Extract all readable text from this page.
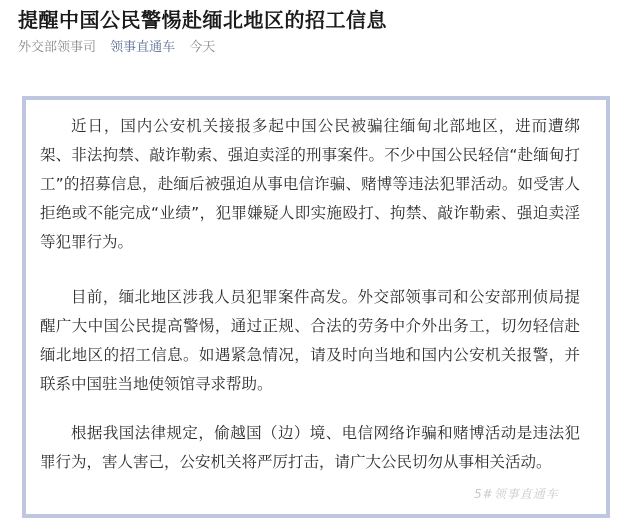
提醒中国公民警惕赴缅北地区的招工信息
外交部领事司 领事直通车 今天

近日，国内公安机关接报多起中国公民被骗往缅甸北部地区，进而遭绑架、非法拘禁、敲诈勒索、强迫卖淫的刑事案件。不少中国公民轻信“赴缅甸打工”的招募信息，赴缅后被强迫从事电信诈骗、赌博等违法犯罪活动。如受害人拒绝或不能完成“业绩”，犯罪嫌疑人即实施殴打、拘禁、敲诈勒索、强迫卖淫等犯罪行为。

目前，缅北地区涉我人员犯罪案件高发。外交部领事司和公安部刑侦局提醒广大中国公民提高警惕，通过正规、合法的劳务中介外出务工，切勿轻信赴缅北地区的招工信息。如遇紧急情况，请及时向当地和国内公安机关报警，并联系中国驻当地使领馆寻求帮助。

根据我国法律规定，偷越国（边）境、电信网络诈骗和赌博活动是违法犯罪行为，害人害己，公安机关将严厉打击，请广大公民切勿从事相关活动。

5#领事直通车
